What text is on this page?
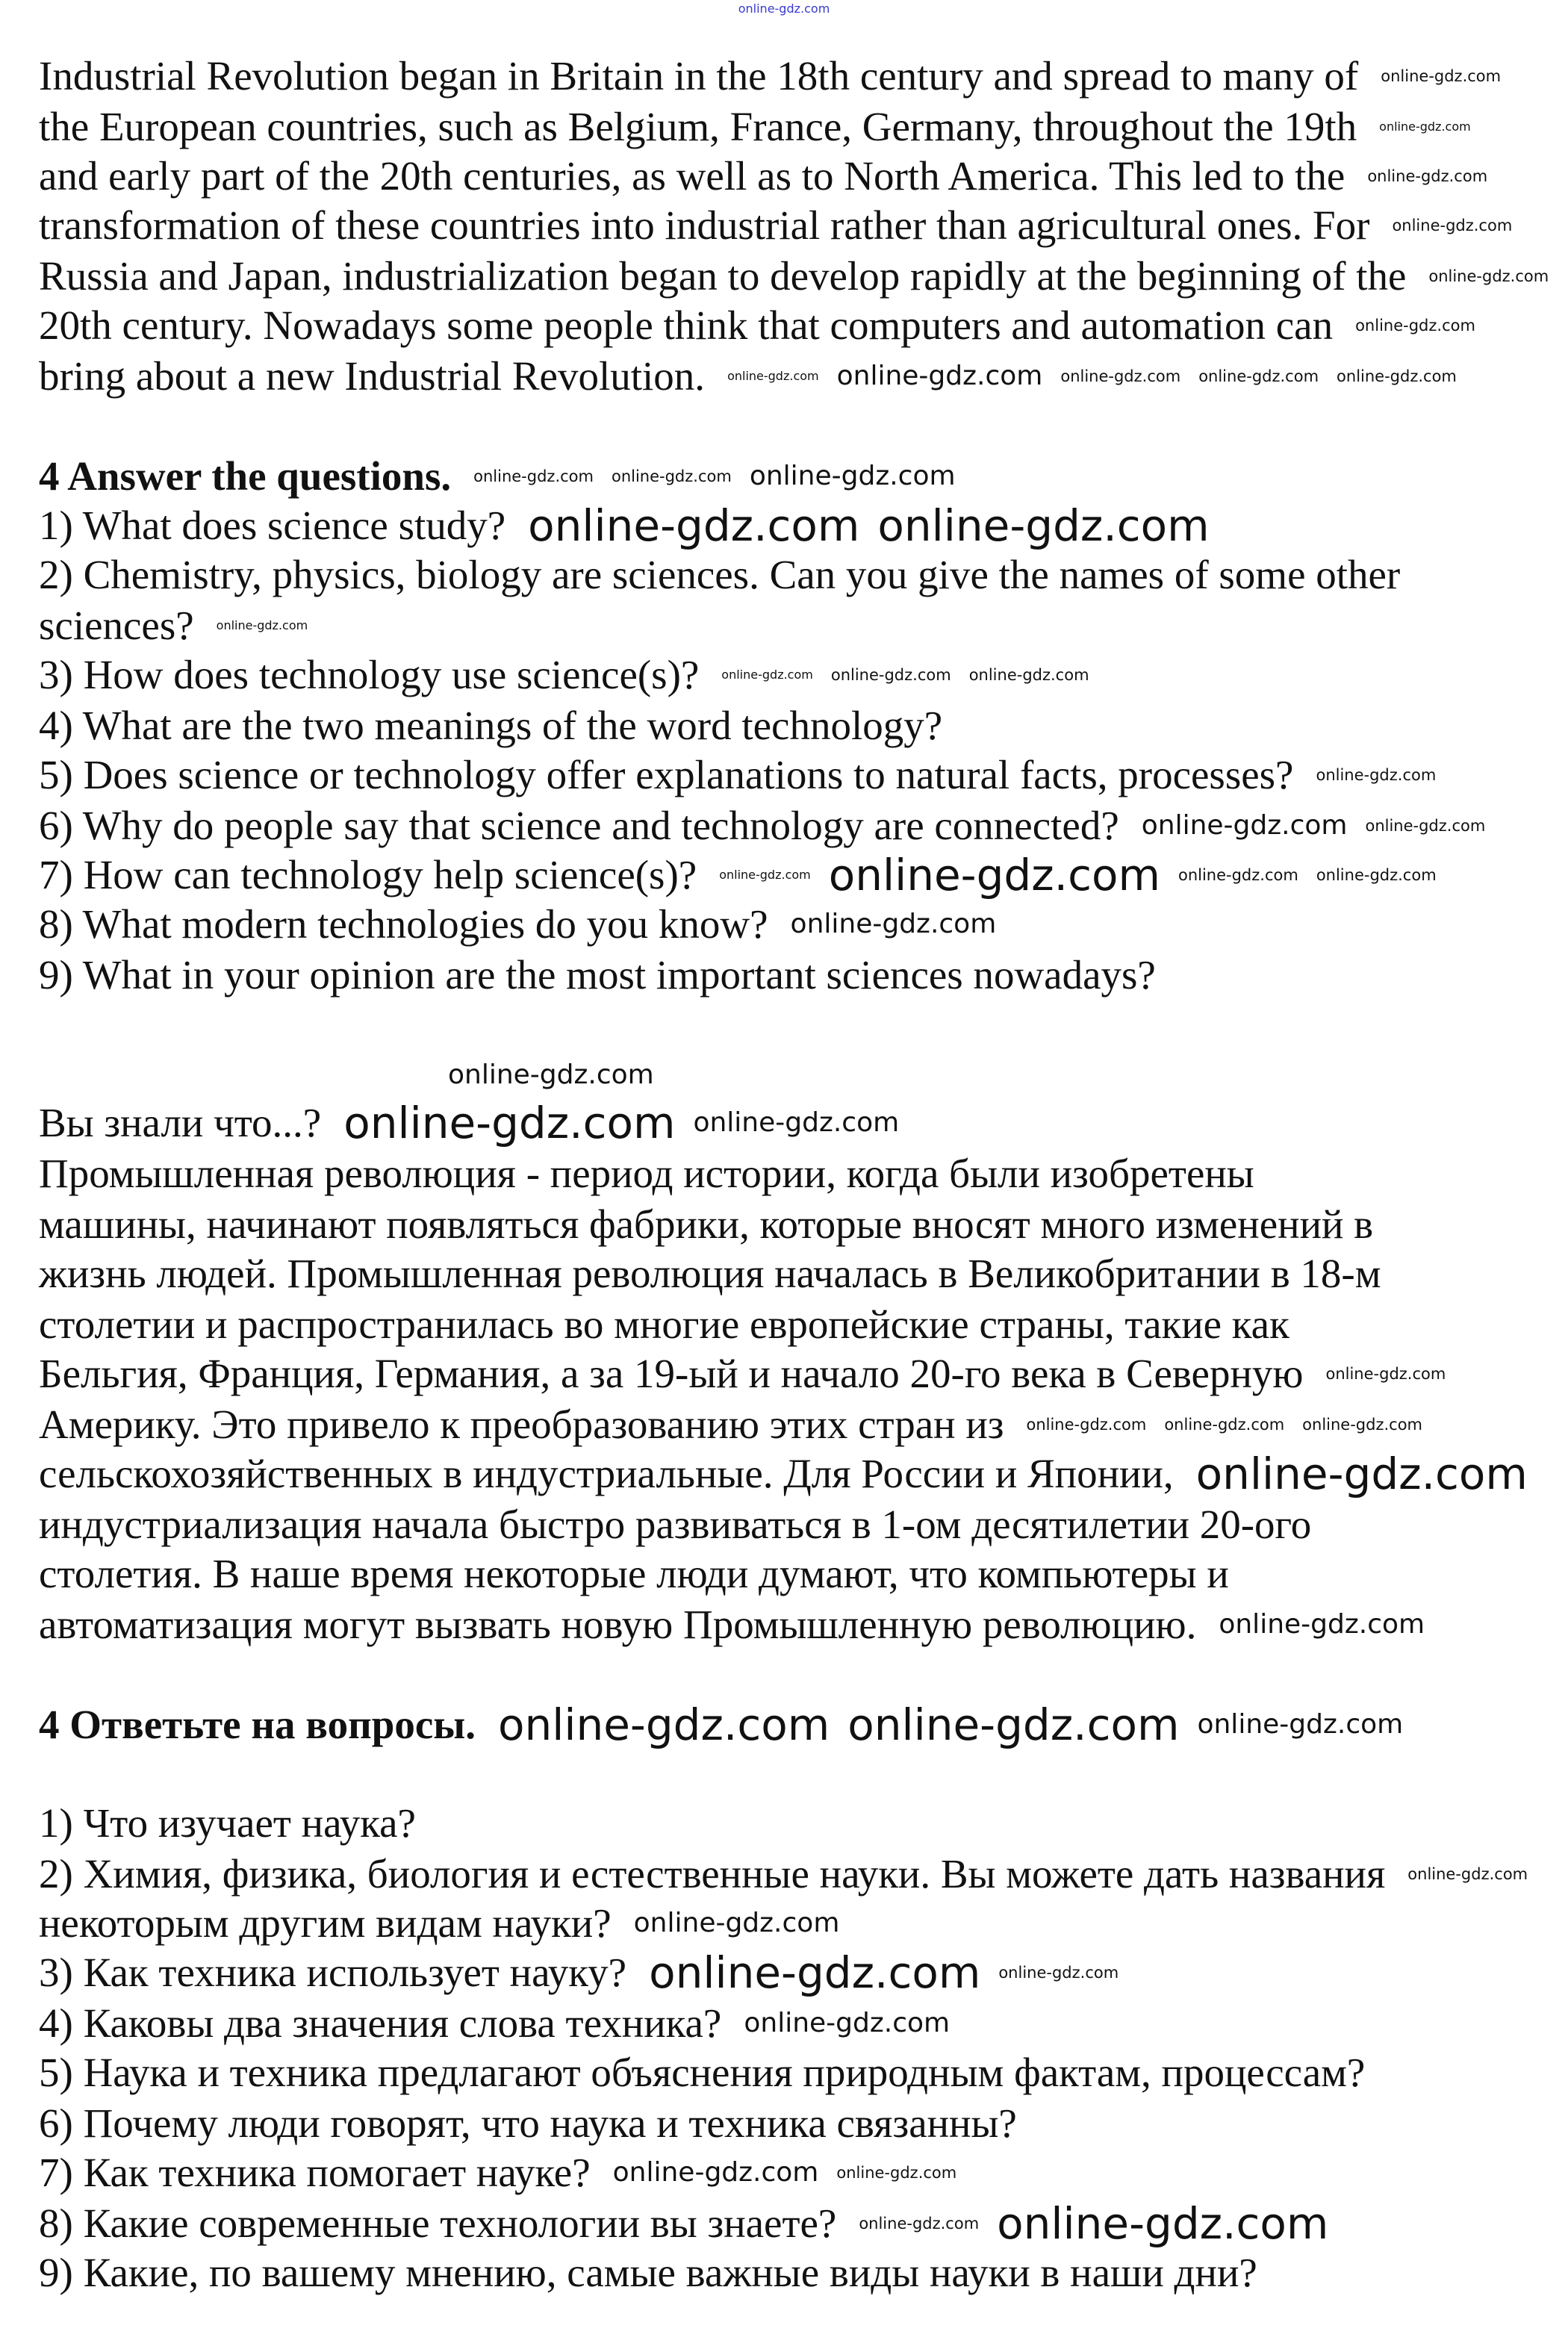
Industrial Revolution began in Britain in the 18th century and spread to many of
the European countries, such as Belgium, France, Germany, throughout the 19th
and early part of the 20th centuries, as well as to North America. This led to the
transformation of these countries into industrial rather than agricultural ones. For
Russia and Japan, industrialization began to develop rapidly at the beginning of the
20th century. Nowadays some people think that computers and automation can
bring about a new Industrial Revolution.
4 Answer the questions.
1) What does science study?
2) Chemistry, physics, biology are sciences. Can you give the names of some other
sciences?
3) How does technology use science(s)?
4) What are the two meanings of the word technology?
5) Does science or technology offer explanations to natural facts, processes?
6) Why do people say that science and technology are connected?
7) How can technology help science(s)?
8) What modern technologies do you know?
9) What in your opinion are the most important sciences nowadays?
Вы знали что...?
Промышленная революция - период истории, когда были изобретены
машины, начинают появляться фабрики, которые вносят много изменений в
жизнь людей. Промышленная революция началась в Великобритании в 18-м
столетии и распространилась во многие европейские страны, такие как
Бельгия, Франция, Германия, а за 19-ый и начало 20-го века в Северную
Америку. Это привело к преобразованию этих стран из
сельскохозяйственных в индустриальные. Для России и Японии,
индустриализация начала быстро развиваться в 1-ом десятилетии 20-ого
столетия. В наше время некоторые люди думают, что компьютеры и
автоматизация могут вызвать новую Промышленную революцию.
4 Ответьте на вопросы.
1) Что изучает наука?
2) Химия, физика, биология и естественные науки. Вы можете дать названия
некоторым другим видам науки?
3) Как техника использует науку?
4) Каковы два значения слова техника?
5) Наука и техника предлагают объяснения природным фактам, процессам?
6) Почему люди говорят, что наука и техника связанны?
7) Как техника помогает науке?
8) Какие современные технологии вы знаете?
9) Какие, по вашему мнению, самые важные виды науки в наши дни?
online-gdz.com
online-gdz.com
online-gdz.com
online-gdz.com
online-gdz.com
online-gdz.com
online-gdz.com
online-gdz.com online-gdz.com online-gdz.com online-gdz.com online-gdz.com
online-gdz.com online-gdz.com online-gdz.com
online-gdz.com online-gdz.com
online-gdz.com
online-gdz.com online-gdz.com online-gdz.com
online-gdz.com
online-gdz.com
online-gdz.com
online-gdz.com online-gdz.com online-gdz.com online-gdz.com
online-gdz.com
online-gdz.com
online-gdz.com online-gdz.com
online-gdz.com
online-gdz.com online-gdz.com
online-gdz.com
online-gdz.com
online-gdz.com
online-gdz.com online-gdz.com online-gdz.com
online-gdz.com
online-gdz.com
online-gdz.com online-gdz.com
online-gdz.com
online-gdz.com online-gdz.com
online-gdz.com online-gdz.com
